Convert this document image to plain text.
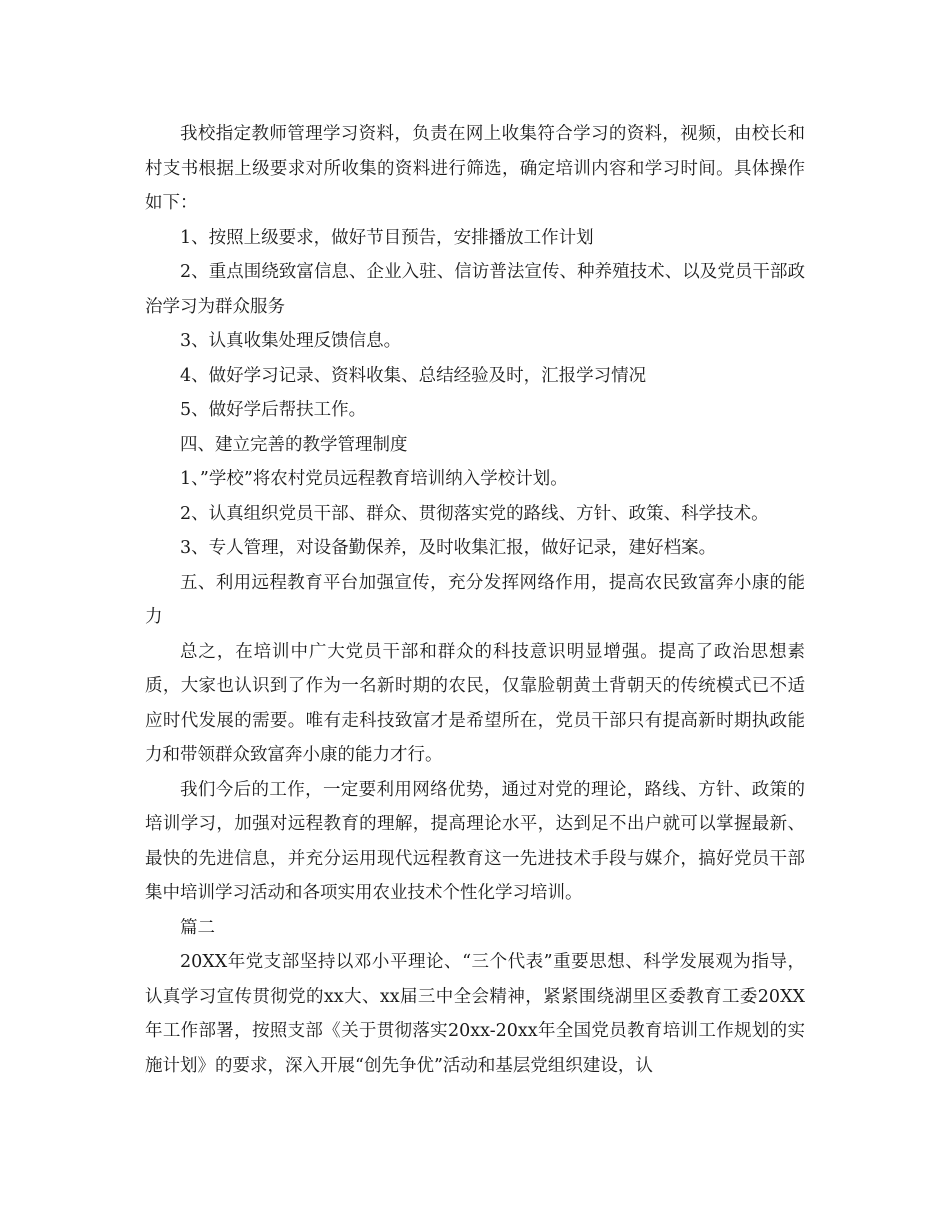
我校指定教师管理学习资料，负责在网上收集符合学习的资料，视频，由校长和村支书根据上级要求对所收集的资料进行筛选，确定培训内容和学习时间。具体操作如下：

1、按照上级要求，做好节目预告，安排播放工作计划

2、重点围绕致富信息、企业入驻、信访普法宣传、种养殖技术、以及党员干部政治学习为群众服务

3、认真收集处理反馈信息。

4、做好学习记录、资料收集、总结经验及时，汇报学习情况

5、做好学后帮扶工作。

四、建立完善的教学管理制度

1、”学校”将农村党员远程教育培训纳入学校计划。

2、认真组织党员干部、群众、贯彻落实党的路线、方针、政策、科学技术。

3、专人管理，对设备勤保养，及时收集汇报，做好记录，建好档案。

五、利用远程教育平台加强宣传，充分发挥网络作用，提高农民致富奔小康的能力

总之，在培训中广大党员干部和群众的科技意识明显增强。提高了政治思想素质，大家也认识到了作为一名新时期的农民，仅靠脸朝黄土背朝天的传统模式已不适应时代发展的需要。唯有走科技致富才是希望所在，党员干部只有提高新时期执政能力和带领群众致富奔小康的能力才行。

我们今后的工作，一定要利用网络优势，通过对党的理论，路线、方针、政策的培训学习，加强对远程教育的理解，提高理论水平，达到足不出户就可以掌握最新、最快的先进信息，并充分运用现代远程教育这一先进技术手段与媒介，搞好党员干部集中培训学习活动和各项实用农业技术个性化学习培训。

篇二

20XX年党支部坚持以邓小平理论、“三个代表”重要思想、科学发展观为指导，认真学习宣传贯彻党的xx大、xx届三中全会精神，紧紧围绕湖里区委教育工委20XX年工作部署，按照支部《关于贯彻落实20xx-20xx年全国党员教育培训工作规划的实施计划》的要求，深入开展“创先争优”活动和基层党组织建设，认
